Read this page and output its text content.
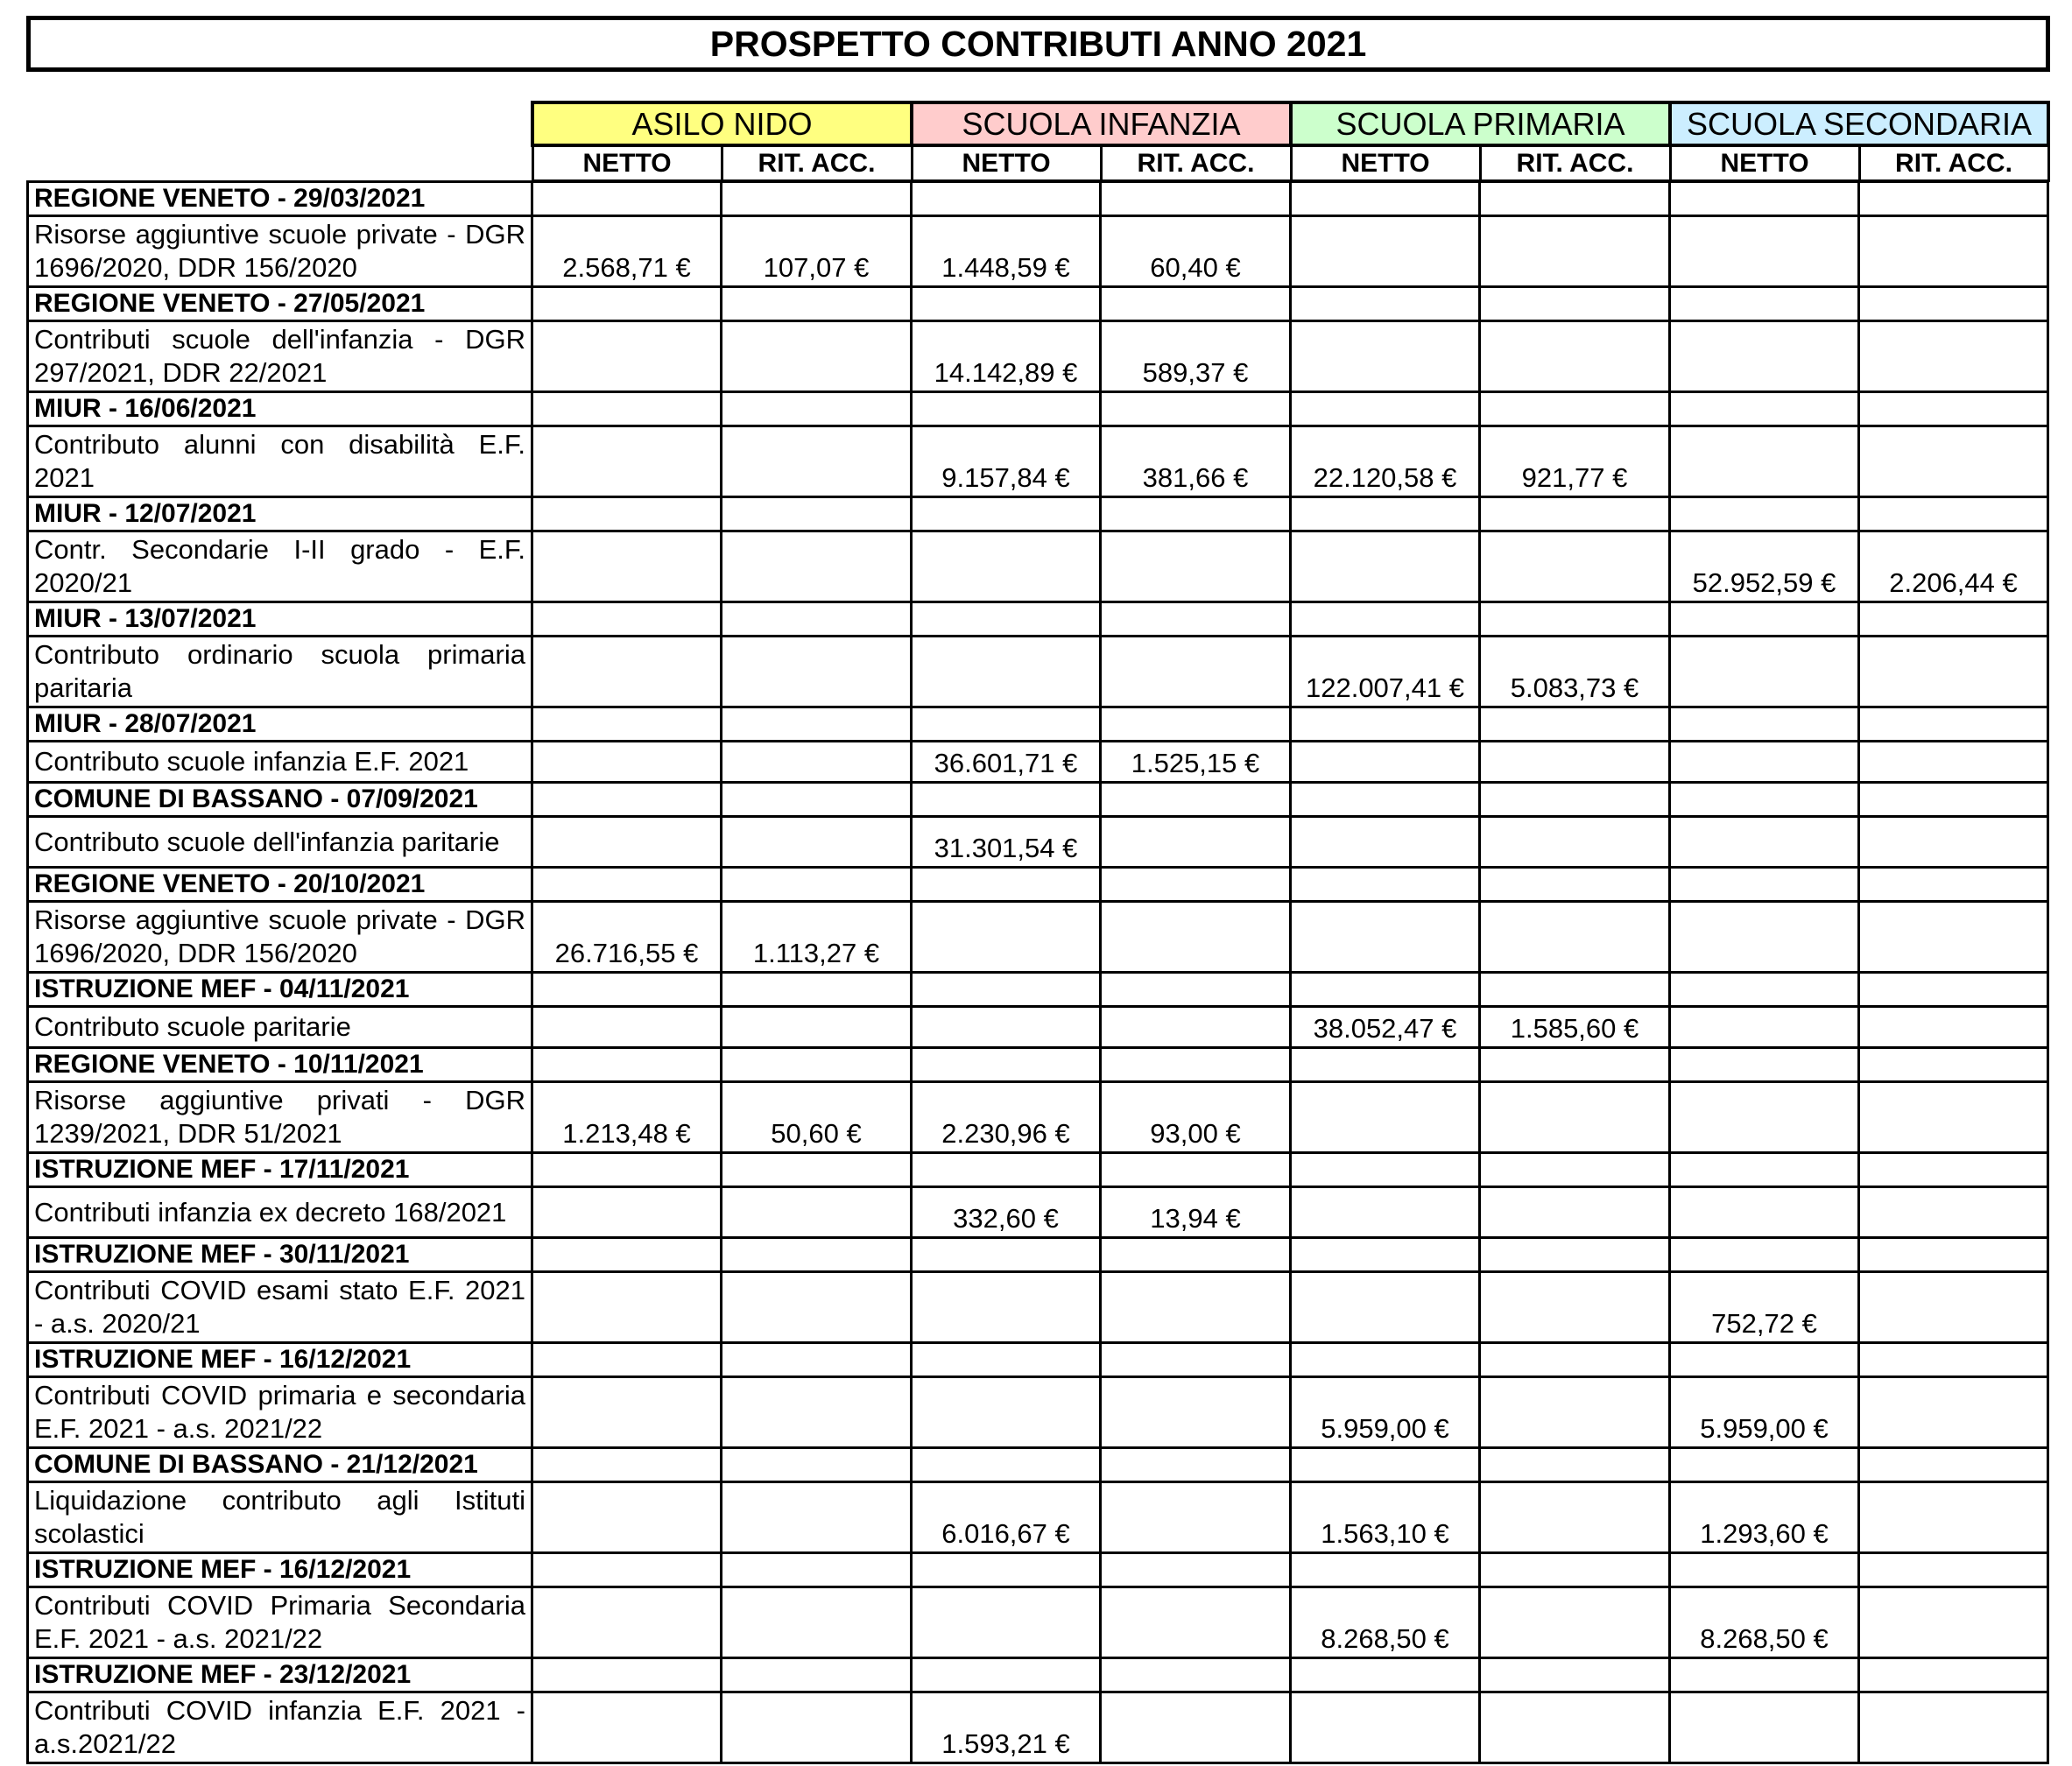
PROSPETTO CONTRIBUTI ANNO 2021
ASILO NIDO		SCUOLA INFANZIA		SCUOLA PRIMARIA		SCUOLA SECONDARIA	
NETTO	RIT. ACC.	NETTO	RIT. ACC.	NETTO	RIT. ACC.	NETTO	RIT. ACC.
REGIONE VENETO - 29/03/2021								
Risorse aggiuntive scuole private - DGR 1696/2020, DDR 156/2020	2.568,71 €	107,07 €	1.448,59 €	60,40 €				
REGIONE VENETO - 27/05/2021								
Contributi scuole dell'infanzia - DGR 297/2021, DDR 22/2021			14.142,89 €	589,37 €				
MIUR - 16/06/2021								
Contributo alunni con disabilità E.F. 2021			9.157,84 €	381,66 €	22.120,58 €	921,77 €		
MIUR - 12/07/2021								
Contr. Secondarie I-II grado - E.F. 2020/21							52.952,59 €	2.206,44 €
MIUR - 13/07/2021								
Contributo ordinario scuola primaria paritaria					122.007,41 €	5.083,73 €		
MIUR - 28/07/2021								
Contributo scuole infanzia E.F. 2021			36.601,71 €	1.525,15 €				
COMUNE DI BASSANO - 07/09/2021								
Contributo scuole dell'infanzia paritarie			31.301,54 €					
REGIONE VENETO - 20/10/2021								
Risorse aggiuntive scuole private - DGR 1696/2020, DDR 156/2020	26.716,55 €	1.113,27 €						
ISTRUZIONE MEF - 04/11/2021								
Contributo scuole paritarie					38.052,47 €	1.585,60 €		
REGIONE VENETO - 10/11/2021								
Risorse aggiuntive privati - DGR 1239/2021, DDR 51/2021	1.213,48 €	50,60 €	2.230,96 €	93,00 €				
ISTRUZIONE MEF - 17/11/2021								
Contributi infanzia ex decreto 168/2021			332,60 €	13,94 €				
ISTRUZIONE MEF - 30/11/2021								
Contributi COVID esami stato E.F. 2021 - a.s. 2020/21							752,72 €	
ISTRUZIONE MEF - 16/12/2021								
Contributi COVID primaria e secondaria E.F. 2021 - a.s. 2021/22					5.959,00 €		5.959,00 €	
COMUNE DI BASSANO - 21/12/2021								
Liquidazione contributo agli Istituti scolastici			6.016,67 €		1.563,10 €		1.293,60 €	
ISTRUZIONE MEF - 16/12/2021								
Contributi COVID Primaria Secondaria E.F. 2021 - a.s. 2021/22					8.268,50 €		8.268,50 €	
ISTRUZIONE MEF - 23/12/2021								
Contributi COVID infanzia E.F. 2021 - a.s.2021/22			1.593,21 €					
